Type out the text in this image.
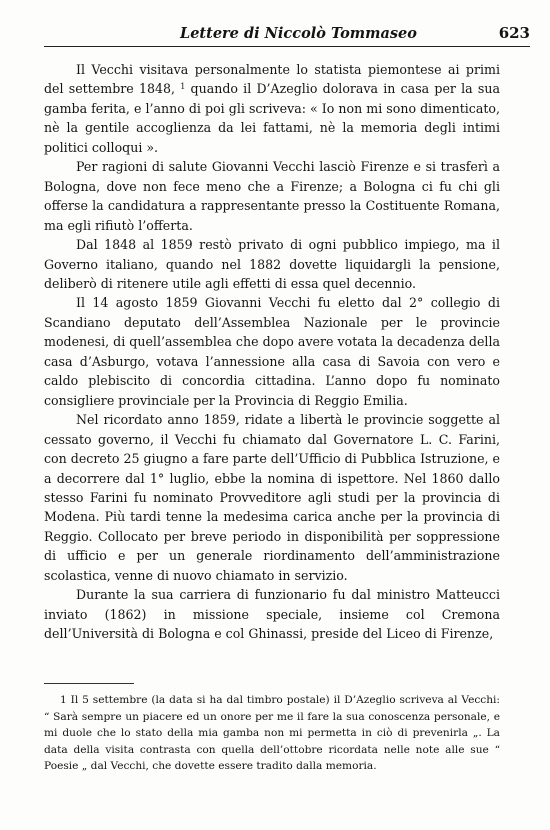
Lettere di Niccolò Tommaseo	623

Il Vecchi visitava personalmente lo statista piemontese ai primi del settembre 1848, $^1$ quando il D’Azeglio dolorava in casa per la sua gamba ferita, e l’anno di poi gli scriveva: « Io non mi sono dimenticato, nè la gentile accoglienza da lei fattami, nè la memoria degli intimi politici colloqui ».

Per ragioni di salute Giovanni Vecchi lasciò Firenze e si trasferì a Bologna, dove non fece meno che a Firenze; a Bologna ci fu chi gli offerse la candidatura a rappresentante presso la Costituente Romana, ma egli rifiutò l’offerta.

Dal 1848 al 1859 restò privato di ogni pubblico impiego, ma il Governo italiano, quando nel 1882 dovette liquidargli la pensione, deliberò di ritenere utile agli effetti di essa quel decennio.

Il 14 agosto 1859 Giovanni Vecchi fu eletto dal 2° collegio di Scandiano deputato dell’Assemblea Nazionale per le provincie modenesi, di quell’assemblea che dopo avere votata la decadenza della casa d’Asburgo, votava l’annessione alla casa di Savoia con vero e caldo plebiscito di concordia cittadina. L’anno dopo fu nominato consigliere provinciale per la Provincia di Reggio Emilia.

Nel ricordato anno 1859, ridate a libertà le provincie soggette al cessato governo, il Vecchi fu chiamato dal Governatore L. C. Farini, con decreto 25 giugno a fare parte dell’Ufficio di Pubblica Istruzione, e a decorrere dal 1° luglio, ebbe la nomina di ispettore. Nel 1860 dallo stesso Farini fu nominato Provveditore agli studi per la provincia di Modena. Più tardi tenne la medesima carica anche per la provincia di Reggio. Collocato per breve periodo in disponibilità per soppressione di ufficio e per un generale riordinamento dell’amministrazione scolastica, venne di nuovo chiamato in servizio.

Durante la sua carriera di funzionario fu dal ministro Matteucci inviato (1862) in missione speciale, insieme col Cremona dell’Università di Bologna e col Ghinassi, preside del Liceo di Firenze,

1 Il 5 settembre (la data si ha dal timbro postale) il D’Azeglio scriveva al Vecchi: “ Sarà sempre un piacere ed un onore per me il fare la sua conoscenza personale, e mi duole che lo stato della mia gamba non mi permetta in ciò di prevenirla „. La data della visita contrasta con quella dell’ottobre ricordata nelle note alle sue “ Poesie „ dal Vecchi, che dovette essere tradito dalla memoria.
